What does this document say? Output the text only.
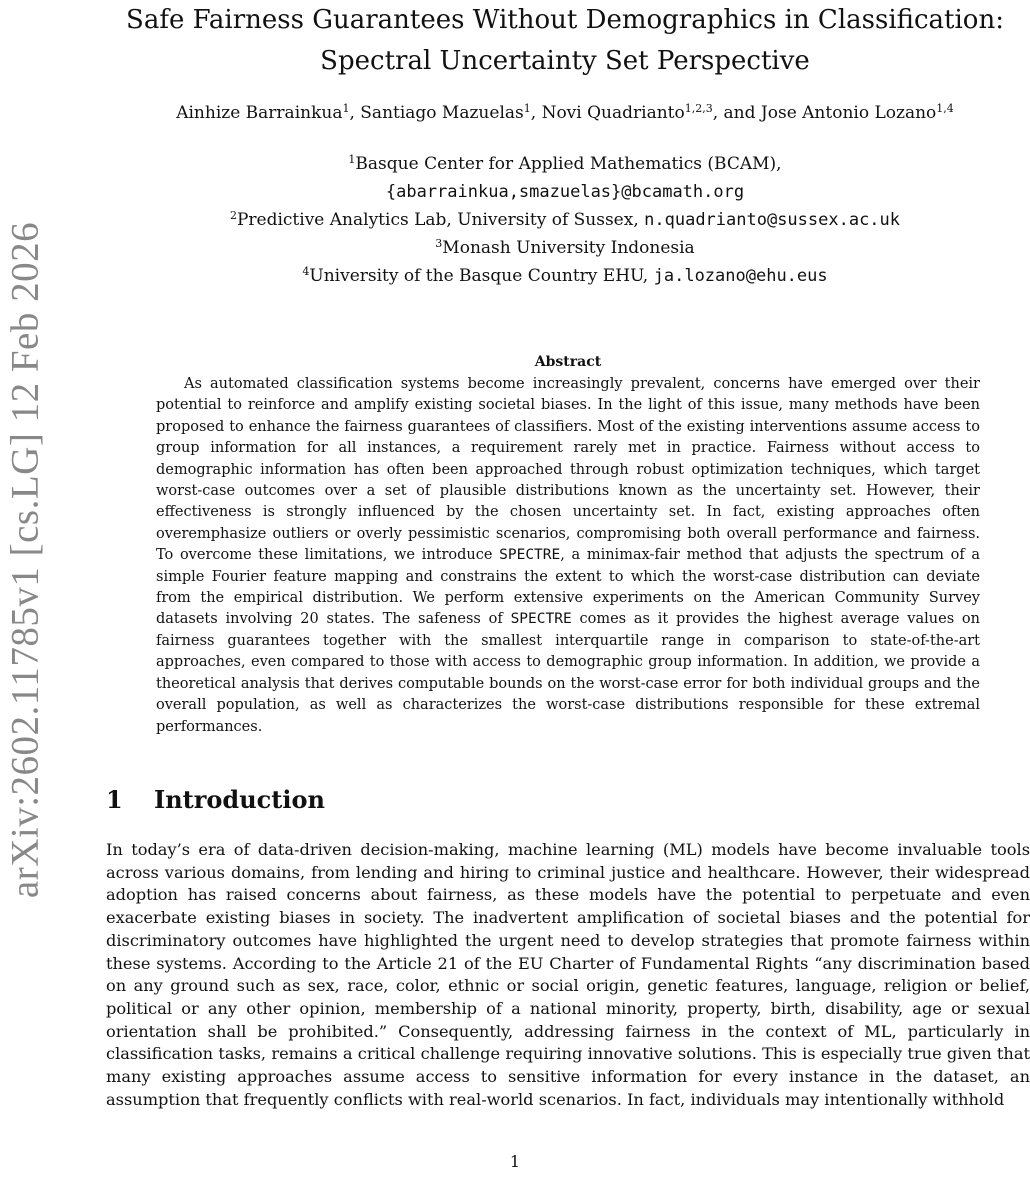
arXiv:2602.11785v1 [cs.LG] 12 Feb 2026
Safe Fairness Guarantees Without Demographics in Classification:
Spectral Uncertainty Set Perspective
Ainhize Barrainkua$^1$, Santiago Mazuelas$^1$, Novi Quadrianto$^{1,2,3}$, and Jose Antonio Lozano$^{1,4}$
$^1$Basque Center for Applied Mathematics (BCAM),
{abarrainkua,smazuelas}@bcamath.org
$^2$Predictive Analytics Lab, University of Sussex, n.quadrianto@sussex.ac.uk
$^3$Monash University Indonesia
$^4$University of the Basque Country EHU, ja.lozano@ehu.eus
Abstract

As automated classification systems become increasingly prevalent, concerns have emerged over their potential to reinforce and amplify existing societal biases. In the light of this issue, many methods have been proposed to enhance the fairness guarantees of classifiers. Most of the existing interventions assume access to group information for all instances, a requirement rarely met in practice. Fairness without access to demographic information has often been approached through robust optimization techniques, which target worst-case outcomes over a set of plausible distributions known as the uncertainty set. However, their effectiveness is strongly influenced by the chosen uncertainty set. In fact, existing approaches often overemphasize outliers or overly pessimistic scenarios, compromising both overall performance and fairness. To overcome these limitations, we introduce SPECTRE, a minimax-fair method that adjusts the spectrum of a simple Fourier feature mapping and constrains the extent to which the worst-case distribution can deviate from the empirical distribution. We perform extensive experiments on the American Community Survey datasets involving 20 states. The safeness of SPECTRE comes as it provides the highest average values on fairness guarantees together with the smallest interquartile range in comparison to state-of-the-art approaches, even compared to those with access to demographic group information. In addition, we provide a theoretical analysis that derives computable bounds on the worst-case error for both individual groups and the overall population, as well as characterizes the worst-case distributions responsible for these extremal performances.

1 Introduction

In today’s era of data-driven decision-making, machine learning (ML) models have become invaluable tools across various domains, from lending and hiring to criminal justice and healthcare. However, their widespread adoption has raised concerns about fairness, as these models have the potential to perpetuate and even exacerbate existing biases in society. The inadvertent amplification of societal biases and the potential for discriminatory outcomes have highlighted the urgent need to develop strategies that promote fairness within these systems. According to the Article 21 of the EU Charter of Fundamental Rights “any discrimination based on any ground such as sex, race, color, ethnic or social origin, genetic features, language, religion or belief, political or any other opinion, membership of a national minority, property, birth, disability, age or sexual orientation shall be prohibited.” Consequently, addressing fairness in the context of ML, particularly in classification tasks, remains a critical challenge requiring innovative solutions. This is especially true given that many existing approaches assume access to sensitive information for every instance in the dataset, an assumption that frequently conflicts with real-world scenarios. In fact, individuals may intentionally withhold

1
